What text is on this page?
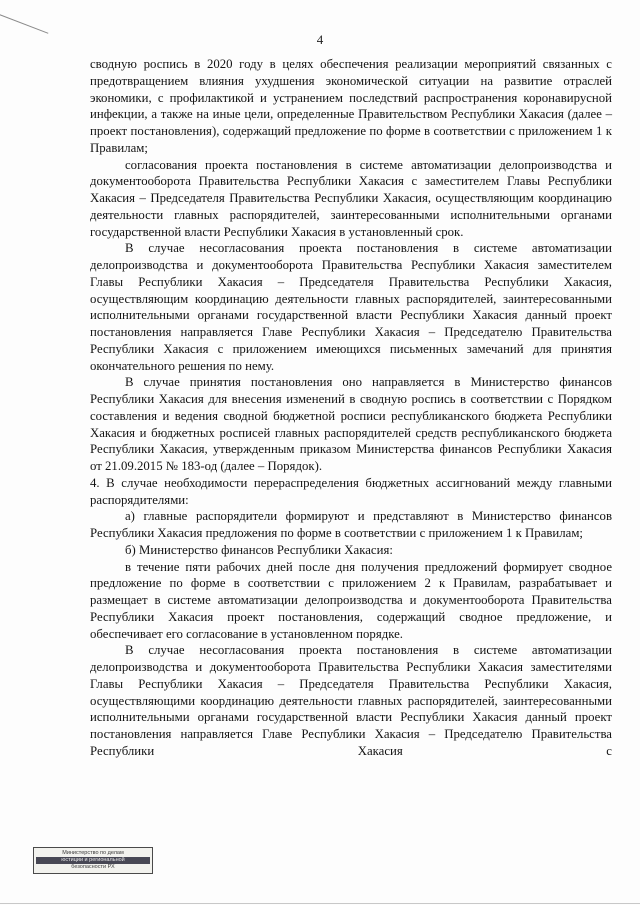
4

сводную роспись в 2020 году в целях обеспечения реализации мероприятий связанных с предотвращением влияния ухудшения экономической ситуации на развитие отраслей экономики, с профилактикой и устранением последствий распространения коронавирусной инфекции, а также на иные цели, определенные Правительством Республики Хакасия (далее – проект постановления), содержащий предложение по форме в соответствии с приложением 1 к Правилам;

согласования проекта постановления в системе автоматизации делопроизводства и документооборота Правительства Республики Хакасия с заместителем Главы Республики Хакасия – Председателя Правительства Республики Хакасия, осуществляющим координацию деятельности главных распорядителей, заинтересованными исполнительными органами государственной власти Республики Хакасия в установленный срок.

В случае несогласования проекта постановления в системе автоматизации делопроизводства и документооборота Правительства Республики Хакасия заместителем Главы Республики Хакасия – Председателя Правительства Республики Хакасия, осуществляющим координацию деятельности главных распорядителей, заинтересованными исполнительными органами государственной власти Республики Хакасия данный проект постановления направляется Главе Республики Хакасия – Председателю Правительства Республики Хакасия с приложением имеющихся письменных замечаний для принятия окончательного решения по нему.

В случае принятия постановления оно направляется в Министерство финансов Республики Хакасия для внесения изменений в сводную роспись в соответствии с Порядком составления и ведения сводной бюджетной росписи республиканского бюджета Республики Хакасия и бюджетных росписей главных распорядителей средств республиканского бюджета Республики Хакасия, утвержденным приказом Министерства финансов Республики Хакасия от 21.09.2015 № 183-од (далее – Порядок).

4. В случае необходимости перераспределения бюджетных ассигнований между главными распорядителями:

а) главные распорядители формируют и представляют в Министерство финансов Республики Хакасия предложения по форме в соответствии с приложением 1 к Правилам;

б) Министерство финансов Республики Хакасия:

в течение пяти рабочих дней после дня получения предложений формирует сводное предложение по форме в соответствии с приложением 2 к Правилам, разрабатывает и размещает в системе автоматизации делопроизводства и документооборота Правительства Республики Хакасия проект постановления, содержащий сводное предложение, и обеспечивает его согласование в установленном порядке.

В случае несогласования проекта постановления в системе автоматизации делопроизводства и документооборота Правительства Республики Хакасия заместителями Главы Республики Хакасия – Председателя Правительства Республики Хакасия, осуществляющими координацию деятельности главных распорядителей, заинтересованными исполнительными органами государственной власти Республики Хакасия данный проект постановления направляется Главе Республики Хакасия – Председателю Правительства Республики Хакасия с

Министерство по делам
юстиции и региональной
безопасности РХ
